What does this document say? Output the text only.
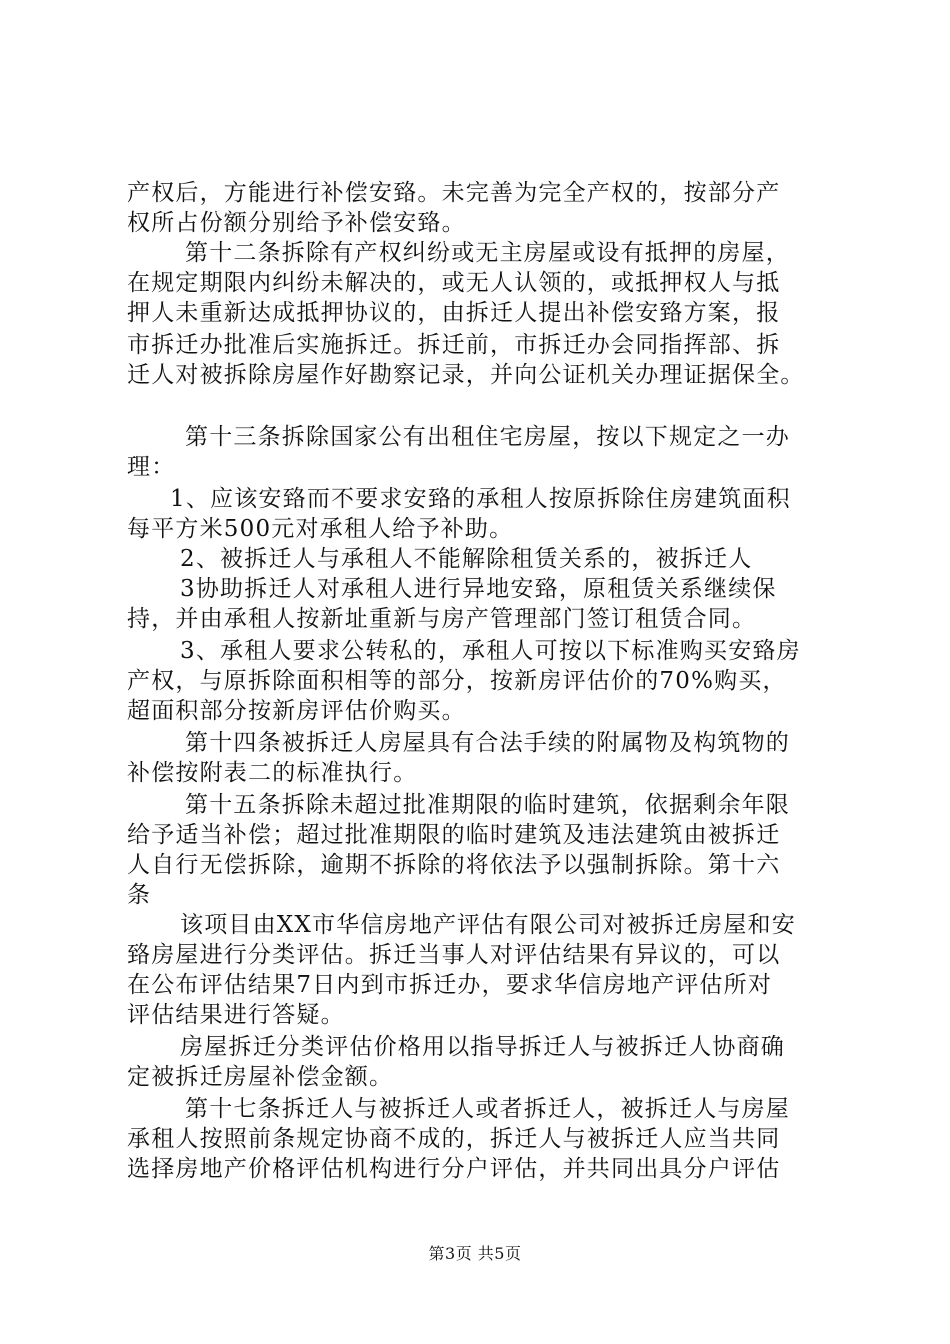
产权后，方能进行补偿安臵。未完善为完全产权的，按部分产
权所占份额分别给予补偿安臵。
第十二条拆除有产权纠纷或无主房屋或设有抵押的房屋，
在规定期限内纠纷未解决的，或无人认领的，或抵押权人与抵
押人未重新达成抵押协议的，由拆迁人提出补偿安臵方案，报
市拆迁办批准后实施拆迁。拆迁前，市拆迁办会同指挥部、拆
迁人对被拆除房屋作好勘察记录，并向公证机关办理证据保全。
第十三条拆除国家公有出租住宅房屋，按以下规定之一办
理：
1、应该安臵而不要求安臵的承租人按原拆除住房建筑面积
每平方米500元对承租人给予补助。
2、被拆迁人与承租人不能解除租赁关系的，被拆迁人
3协助拆迁人对承租人进行异地安臵，原租赁关系继续保
持，并由承租人按新址重新与房产管理部门签订租赁合同。
3、承租人要求公转私的，承租人可按以下标准购买安臵房
产权，与原拆除面积相等的部分，按新房评估价的70%购买，
超面积部分按新房评估价购买。
第十四条被拆迁人房屋具有合法手续的附属物及构筑物的
补偿按附表二的标准执行。
第十五条拆除未超过批准期限的临时建筑，依据剩余年限
给予适当补偿；超过批准期限的临时建筑及违法建筑由被拆迁
人自行无偿拆除，逾期不拆除的将依法予以强制拆除。第十六
条
该项目由XX市华信房地产评估有限公司对被拆迁房屋和安
臵房屋进行分类评估。拆迁当事人对评估结果有异议的，可以
在公布评估结果7日内到市拆迁办，要求华信房地产评估所对
评估结果进行答疑。
房屋拆迁分类评估价格用以指导拆迁人与被拆迁人协商确
定被拆迁房屋补偿金额。
第十七条拆迁人与被拆迁人或者拆迁人，被拆迁人与房屋
承租人按照前条规定协商不成的，拆迁人与被拆迁人应当共同
选择房地产价格评估机构进行分户评估，并共同出具分户评估
第3页 共5页
